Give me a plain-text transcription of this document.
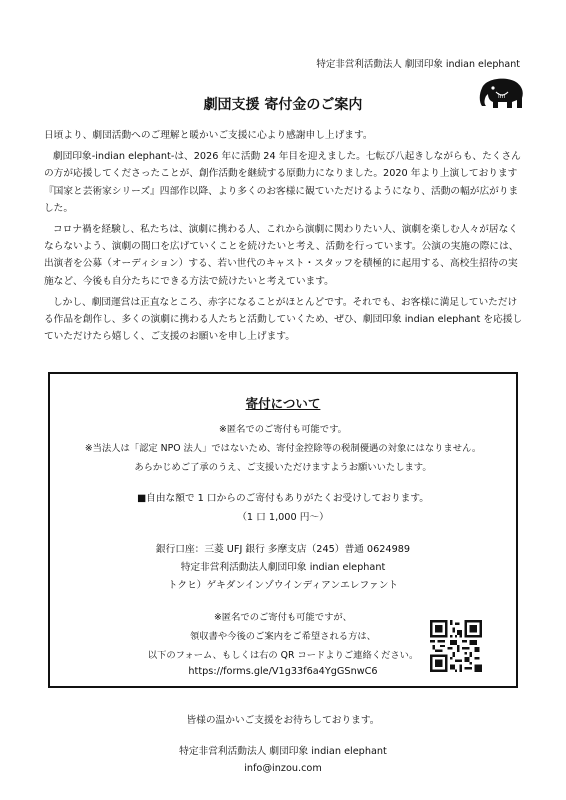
特定非営利活動法人 劇団印象 indian elephant
im
劇団支援 寄付金のご案内

日頃より、劇団活動へのご理解と暖かいご支援に心より感謝申し上げます。

劇団印象-indian elephant-は、2026 年に活動 24 年目を迎えました。七転び八起きしながらも、たくさんの方が応援してくださったことが、創作活動を継続する原動力になりました。2020 年より上演しております『国家と芸術家シリーズ』四部作以降、より多くのお客様に観ていただけるようになり、活動の幅が広がりました。

コロナ禍を経験し、私たちは、演劇に携わる人、これから演劇に関わりたい人、演劇を楽しむ人々が居なくならないよう、演劇の間口を広げていくことを続けたいと考え、活動を行っています。公演の実施の際には、出演者を公募（オーディション）する、若い世代のキャスト・スタッフを積極的に起用する、高校生招待の実施など、今後も自分たちにできる方法で続けたいと考えています。

しかし、劇団運営は正直なところ、赤字になることがほとんどです。それでも、お客様に満足していただける作品を創作し、多くの演劇に携わる人たちと活動していくため、ぜひ、劇団印象 indian elephant を応援していただけたら嬉しく、ご支援のお願いを申し上げます。

寄付について
※匿名でのご寄付も可能です。
※当法人は「認定 NPO 法人」ではないため、寄付金控除等の税制優遇の対象にはなりません。
あらかじめご了承のうえ、ご支援いただけますようお願いいたします。
■自由な額で 1 口からのご寄付もありがたくお受けしております。
（1 口 1,000 円～）
銀行口座：三菱 UFJ 銀行 多摩支店（245）普通 0624989
特定非営利活動法人劇団印象 indian elephant
トクヒ）ゲキダンインゾウインディアンエレファント
※匿名でのご寄付も可能ですが、
領収書や今後のご案内をご希望される方は、
以下のフォーム、もしくは右の QR コードよりご連絡ください。
https://forms.gle/V1g33f6a4YgGSnwC6
皆様の温かいご支援をお待ちしております。
特定非営利活動法人 劇団印象 indian elephant
info@inzou.com
